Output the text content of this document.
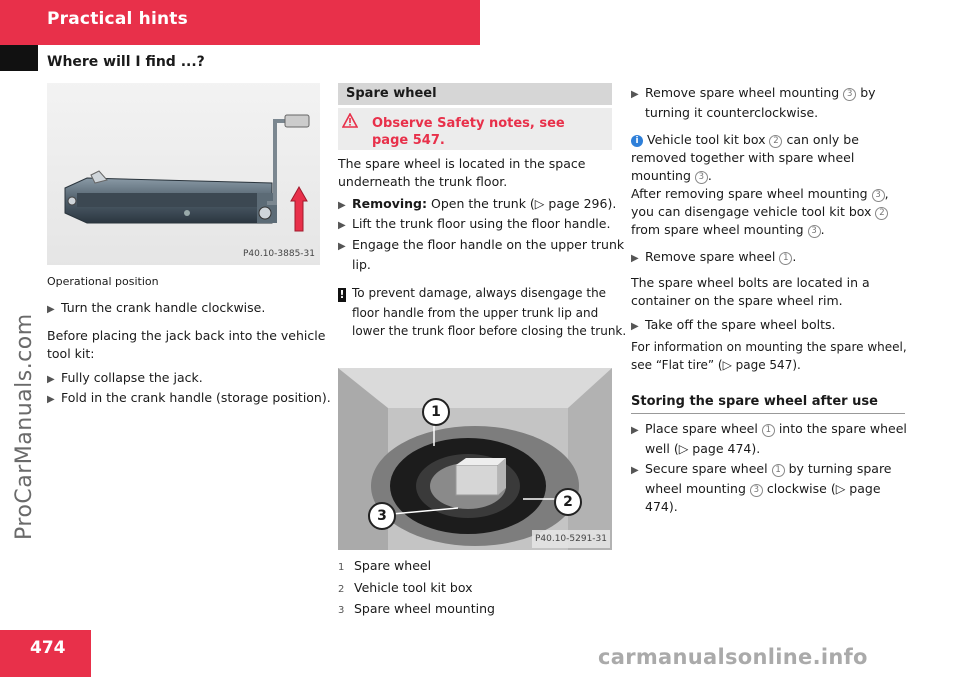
Practical hints
Where will I find ...?
ProCarManuals.com
P40.10-3885-31
Operational position
▶ Turn the crank handle clockwise.
Before placing the jack back into the vehicle tool kit:
▶ Fully collapse the jack.
▶ Fold in the crank handle (storage position).
Spare wheel
Observe Safety notes, see
page 547.
The spare wheel is located in the space underneath the trunk floor.
▶ Removing: Open the trunk (▷ page 296).
▶ Lift the trunk floor using the floor handle.
▶ Engage the floor handle on the upper trunk lip.
! To prevent damage, always disengage the floor handle from the upper trunk lip and lower the trunk floor before closing the trunk.
1
2
3
P40.10-5291-31
1 Spare wheel
2 Vehicle tool kit box
3 Spare wheel mounting
▶ Remove spare wheel mounting 3 by turning it counterclockwise.
i Vehicle tool kit box 2 can only be removed together with spare wheel mounting 3 .
After removing spare wheel mounting 3 , you can disengage vehicle tool kit box 2 from spare wheel mounting 3 .
▶ Remove spare wheel 1 .
The spare wheel bolts are located in a container on the spare wheel rim.
▶ Take off the spare wheel bolts.
For information on mounting the spare wheel, see “Flat tire” (▷ page 547).
Storing the spare wheel after use
▶ Place spare wheel 1 into the spare wheel well (▷ page 474).
▶ Secure spare wheel 1 by turning spare wheel mounting 3 clockwise (▷ page 474).
474	carmanualsonline.info
